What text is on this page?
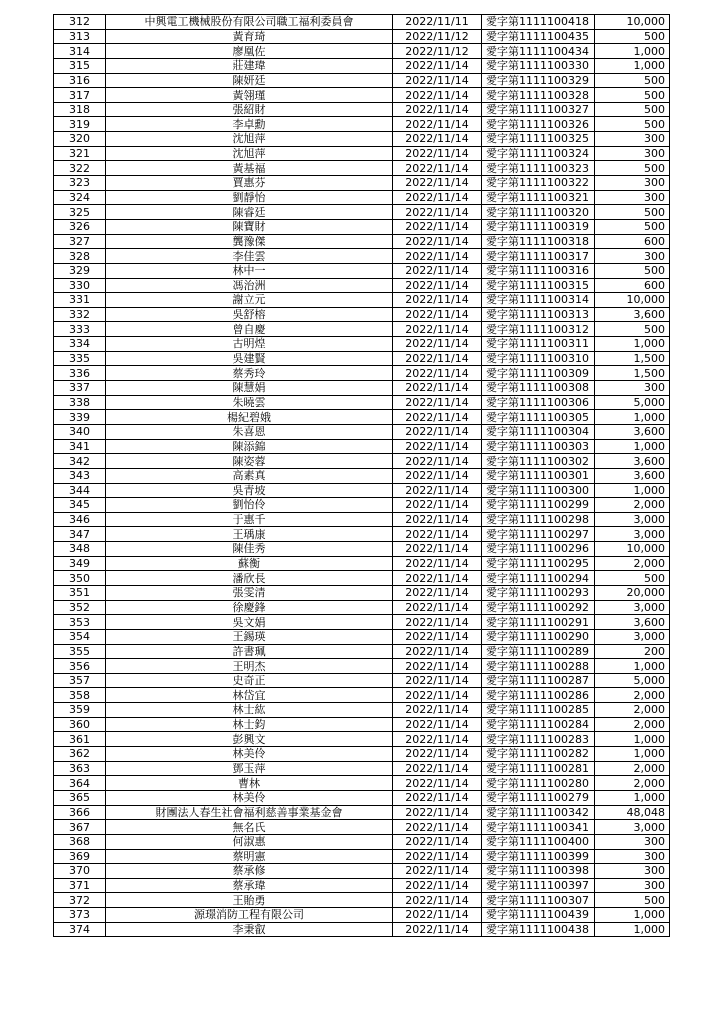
312	中興電工機械股份有限公司職工福利委員會	2022/11/11	愛字第1111100418	10,000
313	黃育琦	2022/11/12	愛字第1111100435	500
314	廖凰佐	2022/11/12	愛字第1111100434	1,000
315	莊建瑋	2022/11/14	愛字第1111100330	1,000
316	陳妍廷	2022/11/14	愛字第1111100329	500
317	黃翎瑾	2022/11/14	愛字第1111100328	500
318	張紹財	2022/11/14	愛字第1111100327	500
319	李卓勳	2022/11/14	愛字第1111100326	500
320	沈旭萍	2022/11/14	愛字第1111100325	300
321	沈旭萍	2022/11/14	愛字第1111100324	300
322	黃基福	2022/11/14	愛字第1111100323	500
323	賈惠芬	2022/11/14	愛字第1111100322	300
324	劉靜怡	2022/11/14	愛字第1111100321	300
325	陳睿廷	2022/11/14	愛字第1111100320	500
326	陳寶財	2022/11/14	愛字第1111100319	500
327	龔豫傑	2022/11/14	愛字第1111100318	600
328	李佳雲	2022/11/14	愛字第1111100317	300
329	林中一	2022/11/14	愛字第1111100316	500
330	馮治洲	2022/11/14	愛字第1111100315	600
331	謝立元	2022/11/14	愛字第1111100314	10,000
332	吳舒榕	2022/11/14	愛字第1111100313	3,600
333	曾自慶	2022/11/14	愛字第1111100312	500
334	古明煌	2022/11/14	愛字第1111100311	1,000
335	吳建賢	2022/11/14	愛字第1111100310	1,500
336	蔡秀玲	2022/11/14	愛字第1111100309	1,500
337	陳慧娟	2022/11/14	愛字第1111100308	300
338	朱曉雲	2022/11/14	愛字第1111100306	5,000
339	楊紀碧娥	2022/11/14	愛字第1111100305	1,000
340	朱喜恩	2022/11/14	愛字第1111100304	3,600
341	陳添錦	2022/11/14	愛字第1111100303	1,000
342	陳姿蓉	2022/11/14	愛字第1111100302	3,600
343	高素真	2022/11/14	愛字第1111100301	3,600
344	吳青坡	2022/11/14	愛字第1111100300	1,000
345	劉怡伶	2022/11/14	愛字第1111100299	2,000
346	于惠千	2022/11/14	愛字第1111100298	3,000
347	王瑀康	2022/11/14	愛字第1111100297	3,000
348	陳佳秀	2022/11/14	愛字第1111100296	10,000
349	蘇衡	2022/11/14	愛字第1111100295	2,000
350	潘欣長	2022/11/14	愛字第1111100294	500
351	張雯清	2022/11/14	愛字第1111100293	20,000
352	徐慶鋒	2022/11/14	愛字第1111100292	3,000
353	吳文娟	2022/11/14	愛字第1111100291	3,600
354	王錫瑛	2022/11/14	愛字第1111100290	3,000
355	許書珮	2022/11/14	愛字第1111100289	200
356	王明杰	2022/11/14	愛字第1111100288	1,000
357	史奇正	2022/11/14	愛字第1111100287	5,000
358	林岱宜	2022/11/14	愛字第1111100286	2,000
359	林士紘	2022/11/14	愛字第1111100285	2,000
360	林士鈞	2022/11/14	愛字第1111100284	2,000
361	彭興文	2022/11/14	愛字第1111100283	1,000
362	林美伶	2022/11/14	愛字第1111100282	1,000
363	鄧玉萍	2022/11/14	愛字第1111100281	2,000
364	曹林	2022/11/14	愛字第1111100280	2,000
365	林美伶	2022/11/14	愛字第1111100279	1,000
366	財團法人春生社會福利慈善事業基金會	2022/11/14	愛字第1111100342	48,048
367	無名氏	2022/11/14	愛字第1111100341	3,000
368	何淑惠	2022/11/14	愛字第1111100400	300
369	蔡明憲	2022/11/14	愛字第1111100399	300
370	蔡承修	2022/11/14	愛字第1111100398	300
371	蔡承瑋	2022/11/14	愛字第1111100397	300
372	王貽勇	2022/11/14	愛字第1111100307	500
373	源璟消防工程有限公司	2022/11/14	愛字第1111100439	1,000
374	李秉叡	2022/11/14	愛字第1111100438	1,000
